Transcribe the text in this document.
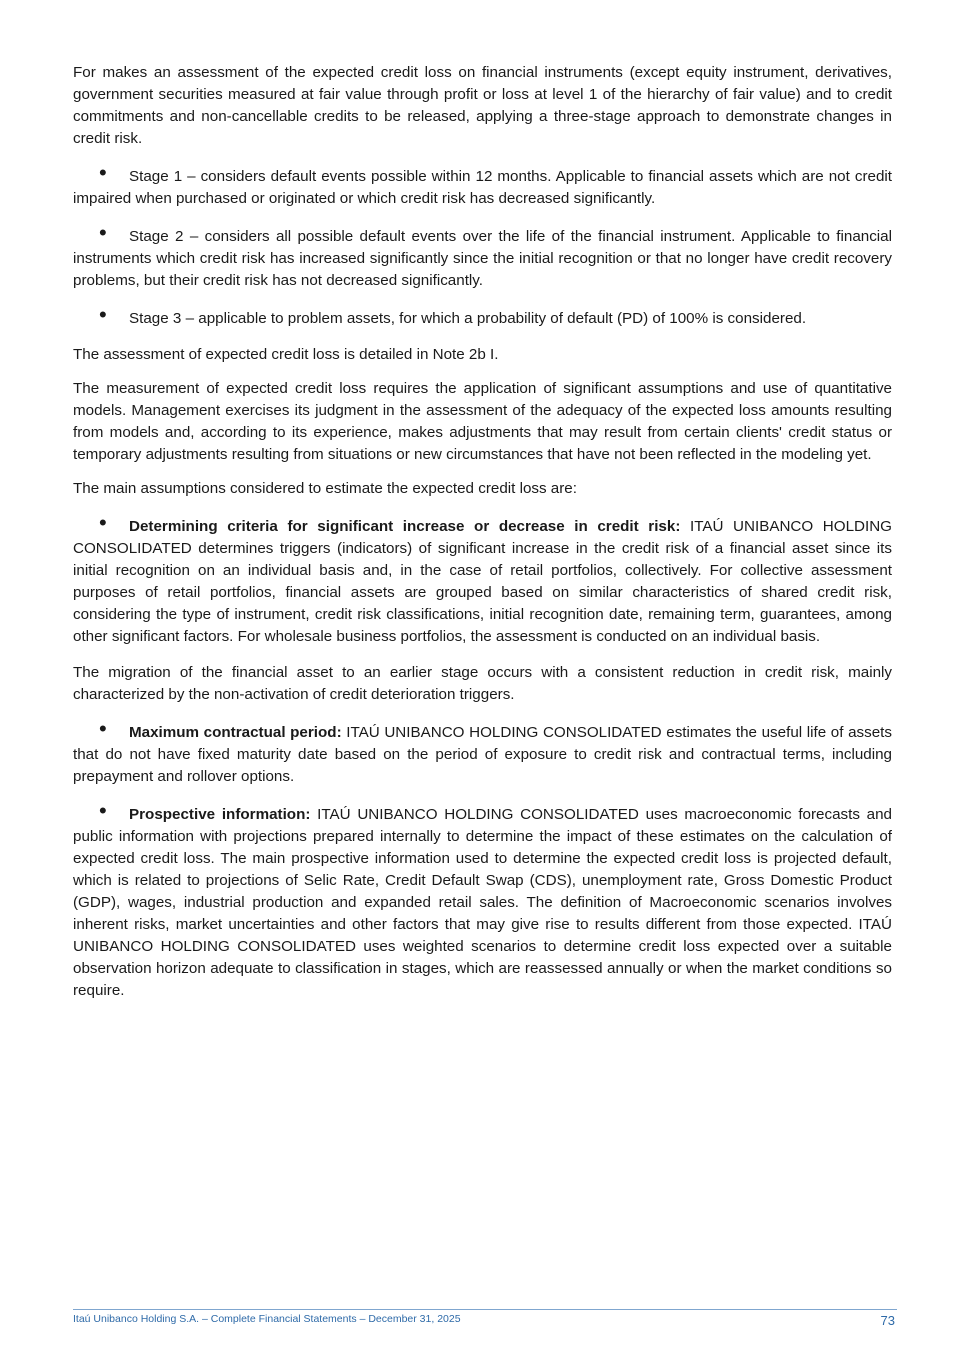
For makes an assessment of the expected credit loss on financial instruments (except equity instrument, derivatives, government securities measured at fair value through profit or loss at level 1 of the hierarchy of fair value) and to credit commitments and non-cancellable credits to be released, applying a three-stage approach to demonstrate changes in credit risk.

• Stage 1 – considers default events possible within 12 months. Applicable to financial assets which are not credit impaired when purchased or originated or which credit risk has decreased significantly.
• Stage 2 – considers all possible default events over the life of the financial instrument. Applicable to financial instruments which credit risk has increased significantly since the initial recognition or that no longer have credit recovery problems, but their credit risk has not decreased significantly.
• Stage 3 – applicable to problem assets, for which a probability of default (PD) of 100% is considered.

The assessment of expected credit loss is detailed in Note 2b I.

The measurement of expected credit loss requires the application of significant assumptions and use of quantitative models. Management exercises its judgment in the assessment of the adequacy of the expected loss amounts resulting from models and, according to its experience, makes adjustments that may result from certain clients' credit status or temporary adjustments resulting from situations or new circumstances that have not been reflected in the modeling yet.

The main assumptions considered to estimate the expected credit loss are:

• Determining criteria for significant increase or decrease in credit risk: ITAÚ UNIBANCO HOLDING CONSOLIDATED determines triggers (indicators) of significant increase in the credit risk of a financial asset since its initial recognition on an individual basis and, in the case of retail portfolios, collectively. For collective assessment purposes of retail portfolios, financial assets are grouped based on similar characteristics of shared credit risk, considering the type of instrument, credit risk classifications, initial recognition date, remaining term, guarantees, among other significant factors. For wholesale business portfolios, the assessment is conducted on an individual basis.

The migration of the financial asset to an earlier stage occurs with a consistent reduction in credit risk, mainly characterized by the non-activation of credit deterioration triggers.

• Maximum contractual period: ITAÚ UNIBANCO HOLDING CONSOLIDATED estimates the useful life of assets that do not have fixed maturity date based on the period of exposure to credit risk and contractual terms, including prepayment and rollover options.
• Prospective information: ITAÚ UNIBANCO HOLDING CONSOLIDATED uses macroeconomic forecasts and public information with projections prepared internally to determine the impact of these estimates on the calculation of expected credit loss. The main prospective information used to determine the expected credit loss is projected default, which is related to projections of Selic Rate, Credit Default Swap (CDS), unemployment rate, Gross Domestic Product (GDP), wages, industrial production and expanded retail sales. The definition of Macroeconomic scenarios involves inherent risks, market uncertainties and other factors that may give rise to results different from those expected. ITAÚ UNIBANCO HOLDING CONSOLIDATED uses weighted scenarios to determine credit loss expected over a suitable observation horizon adequate to classification in stages, which are reassessed annually or when the market conditions so require.
Itaú Unibanco Holding S.A. – Complete Financial Statements – December 31, 2025	73
